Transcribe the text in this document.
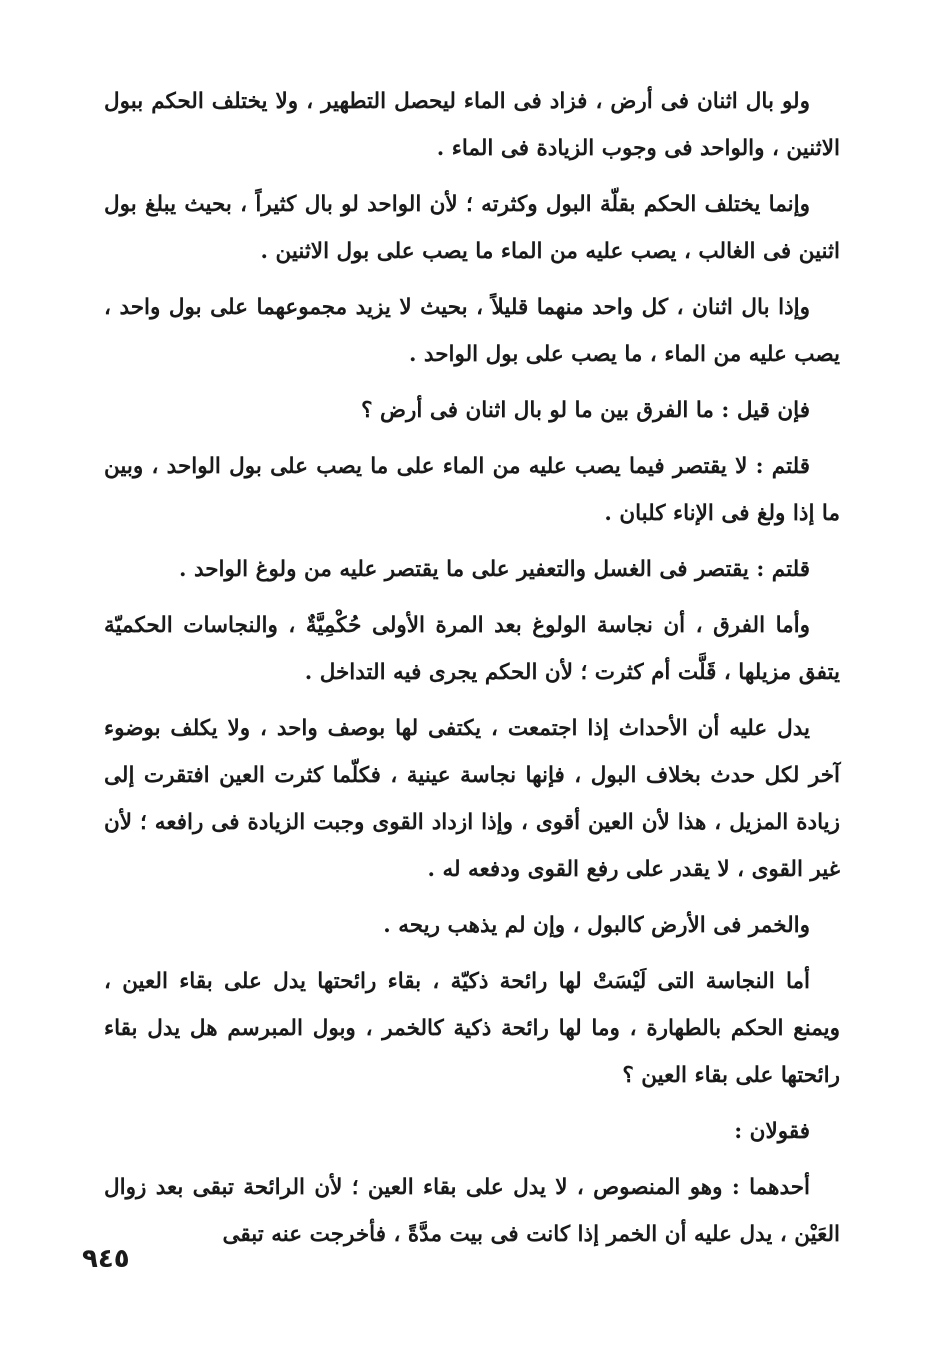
ولو بال اثنان فى أرض ، فزاد فى الماء ليحصل التطهير ، ولا يختلف الحكم ببول الاثنين ، والواحد فى وجوب الزيادة فى الماء .

وإنما يختلف الحكم بقلّة البول وكثرته ؛ لأن الواحد لو بال كثيراً ، بحيث يبلغ بول اثنين فى الغالب ، يصب عليه من الماء ما يصب على بول الاثنين .

وإذا بال اثنان ، كل واحد منهما قليلاً ، بحيث لا يزيد مجموعهما على بول واحد ، يصب عليه من الماء ، ما يصب على بول الواحد .

فإن قيل : ما الفرق بين ما لو بال اثنان فى أرض ؟

قلتم : لا يقتصر فيما يصب عليه من الماء على ما يصب على بول الواحد ، وبين ما إذا ولغ فى الإناء كلبان .

قلتم : يقتصر فى الغسل والتعفير على ما يقتصر عليه من ولوغ الواحد .

وأما الفرق ، أن نجاسة الولوغ بعد المرة الأولى حُكْمِيَّةٌ ، والنجاسات الحكميّة يتفق مزيلها ، قَلَّت أم كثرت ؛ لأن الحكم يجرى فيه التداخل .

يدل عليه أن الأحداث إذا اجتمعت ، يكتفى لها بوصف واحد ، ولا يكلف بوضوء آخر لكل حدث بخلاف البول ، فإنها نجاسة عينية ، فكلّما كثرت العين افتقرت إلى زيادة المزيل ، هذا لأن العين أقوى ، وإذا ازداد القوى وجبت الزيادة فى رافعه ؛ لأن غير القوى ، لا يقدر على رفع القوى ودفعه له .

والخمر فى الأرض كالبول ، وإن لم يذهب ريحه .

أما النجاسة التى لَيْسَتْ لها رائحة ذكيّة ، بقاء رائحتها يدل على بقاء العين ، ويمنع الحكم بالطهارة ، وما لها رائحة ذكية كالخمر ، وبول المبرسم هل يدل بقاء رائحتها على بقاء العين ؟

فقولان :

أحدهما : وهو المنصوص ، لا يدل على بقاء العين ؛ لأن الرائحة تبقى بعد زوال العَيْن ، يدل عليه أن الخمر إذا كانت فى بيت مدَّةً ، فأخرجت عنه تبقى

٩٤٥
